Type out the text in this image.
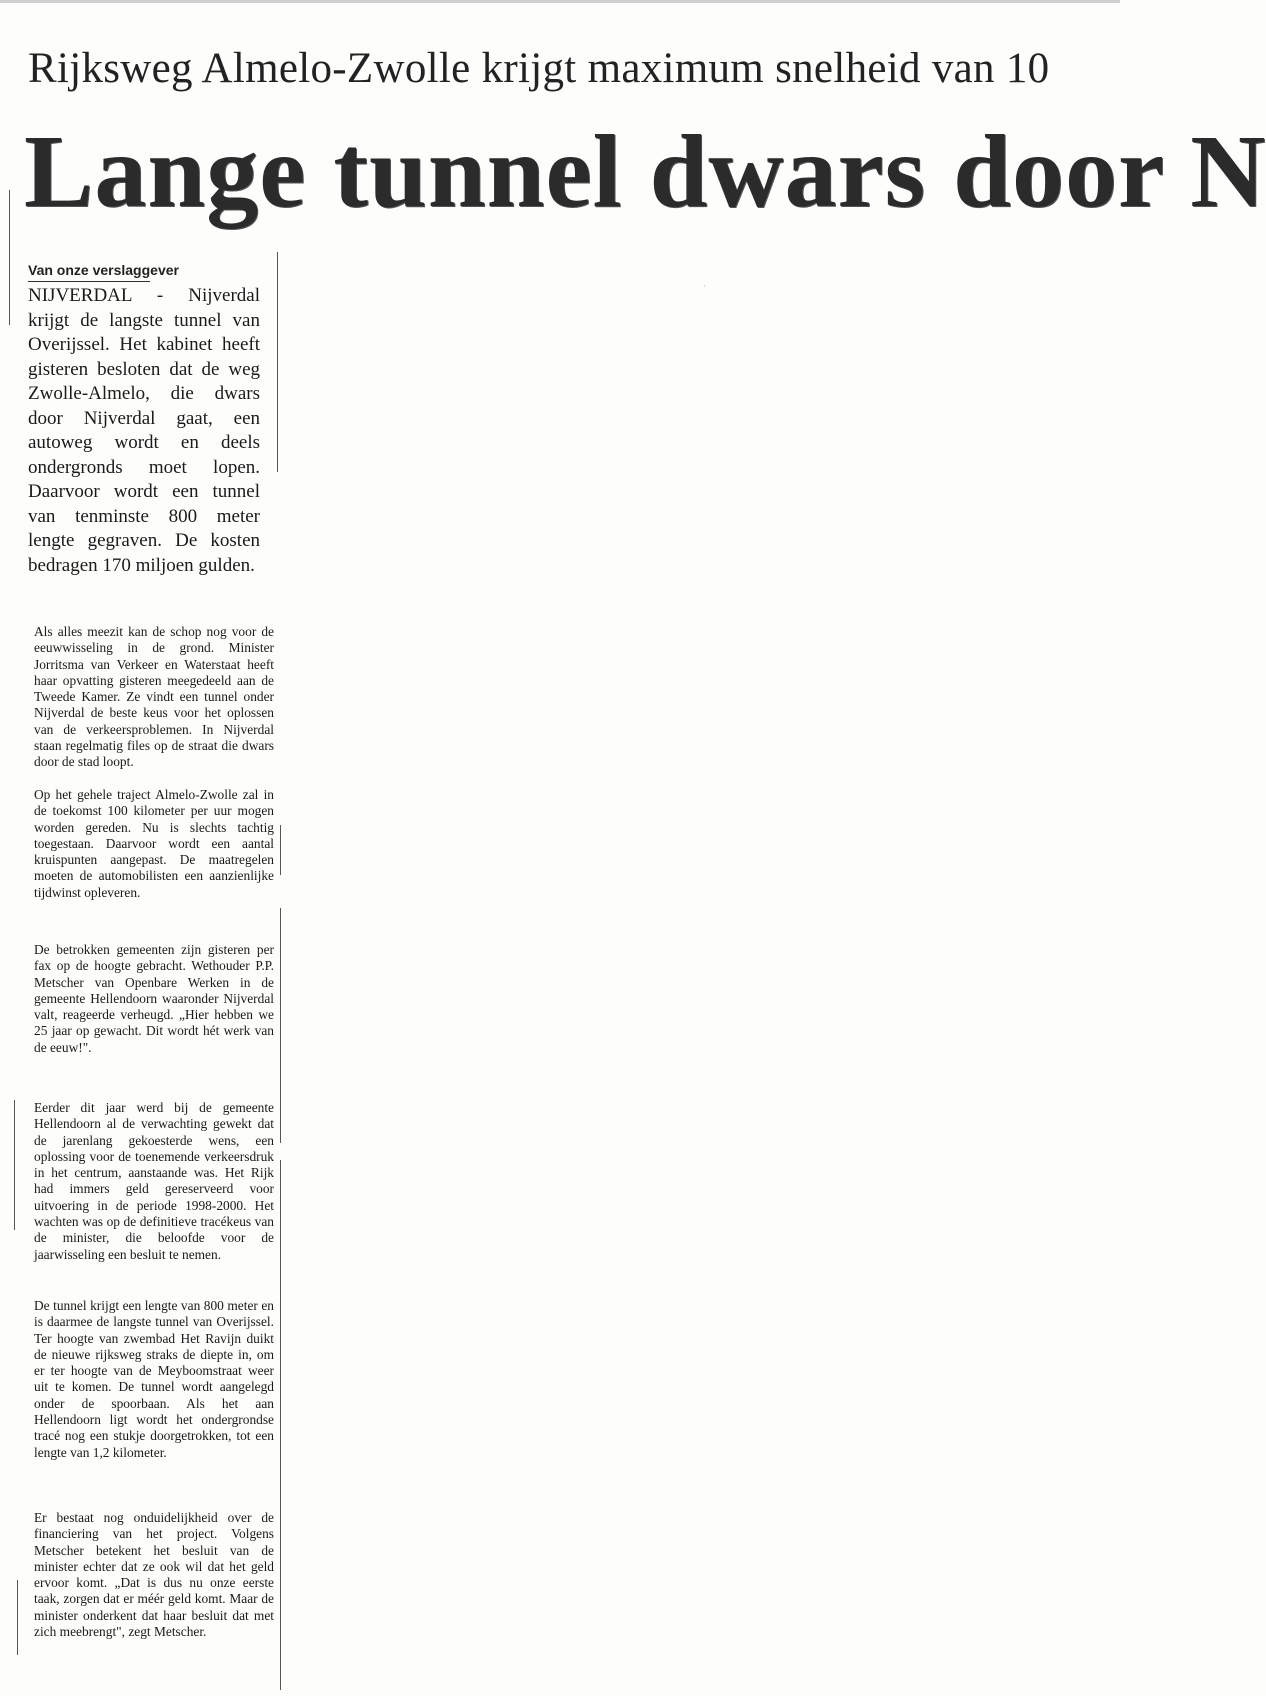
Rijksweg Almelo-Zwolle krijgt maximum snelheid van 10
Lange tunnel dwars door N
·
Van onze verslaggever
NIJVERDAL - Nijverdal krijgt de langste tunnel van Overijssel. Het kabinet heeft gisteren besloten dat de weg Zwolle-Almelo, die dwars door Nijverdal gaat, een autoweg wordt en deels ondergronds moet lopen. Daarvoor wordt een tunnel van tenminste 800 meter lengte gegraven. De kosten bedragen 170 miljoen gulden.

Als alles meezit kan de schop nog voor de eeuwwisseling in de grond. Minister Jorritsma van Verkeer en Waterstaat heeft haar opvatting gisteren meegedeeld aan de Tweede Kamer. Ze vindt een tunnel onder Nijverdal de beste keus voor het oplossen van de verkeersproblemen. In Nijverdal staan regelmatig files op de straat die dwars door de stad loopt.

Op het gehele traject Almelo-Zwolle zal in de toekomst 100 kilometer per uur mogen worden gereden. Nu is slechts tachtig toegestaan. Daarvoor wordt een aantal kruispunten aangepast. De maatregelen moeten de automobilisten een aanzienlijke tijdwinst opleveren.

De betrokken gemeenten zijn gisteren per fax op de hoogte gebracht. Wethouder P.P. Metscher van Openbare Werken in de gemeente Hellendoorn waaronder Nijverdal valt, reageerde verheugd. „Hier hebben we 25 jaar op gewacht. Dit wordt hét werk van de eeuw!".

Eerder dit jaar werd bij de gemeente Hellendoorn al de verwachting gewekt dat de jarenlang gekoesterde wens, een oplossing voor de toenemende verkeersdruk in het centrum, aanstaande was. Het Rijk had immers geld gereserveerd voor uitvoering in de periode 1998-2000. Het wachten was op de definitieve tracékeus van de minister, die beloofde voor de jaarwisseling een besluit te nemen.

De tunnel krijgt een lengte van 800 meter en is daarmee de langste tunnel van Overijssel. Ter hoogte van zwembad Het Ravijn duikt de nieuwe rijksweg straks de diepte in, om er ter hoogte van de Meyboomstraat weer uit te komen. De tunnel wordt aangelegd onder de spoorbaan. Als het aan Hellendoorn ligt wordt het ondergrondse tracé nog een stukje doorgetrokken, tot een lengte van 1,2 kilometer.

Er bestaat nog onduidelijkheid over de financiering van het project. Volgens Metscher betekent het besluit van de minister echter dat ze ook wil dat het geld ervoor komt. „Dat is dus nu onze eerste taak, zorgen dat er méér geld komt. Maar de minister onderkent dat haar besluit dat met zich meebrengt", zegt Metscher.
